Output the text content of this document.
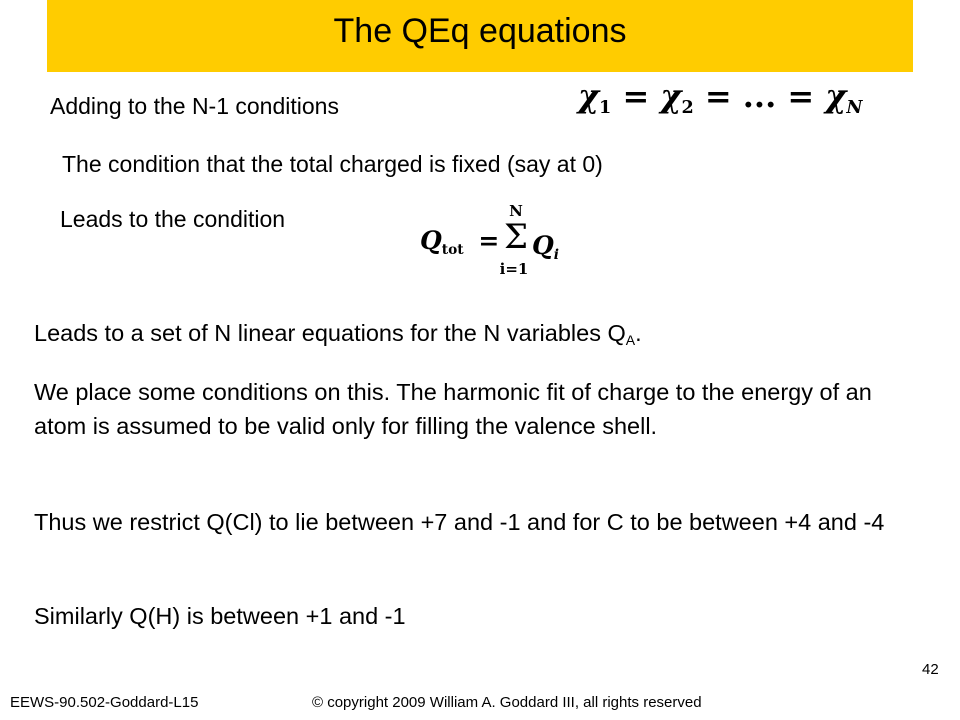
The QEq equations
Adding to the N-1 conditions	$\chi_1 = \chi_2$ = ... = $\chi_N$
The condition that the total charged is fixed (say at 0)
Leads to the condition
$Q_{tot}$ =
N
Σ
i=1
$Q_i$
Leads to a set of N linear equations for the N variables $Q_A$.
We place some conditions on this. The harmonic fit of charge to the energy of an atom is assumed to be valid only for filling the valence shell.
Thus we restrict Q(Cl) to lie between +7 and -1 and for C to be between +4 and -4
Similarly Q(H) is between +1 and -1
EEWS-90.502-Goddard-L15	© copyright 2009 William A. Goddard III, all rights reserved
42
